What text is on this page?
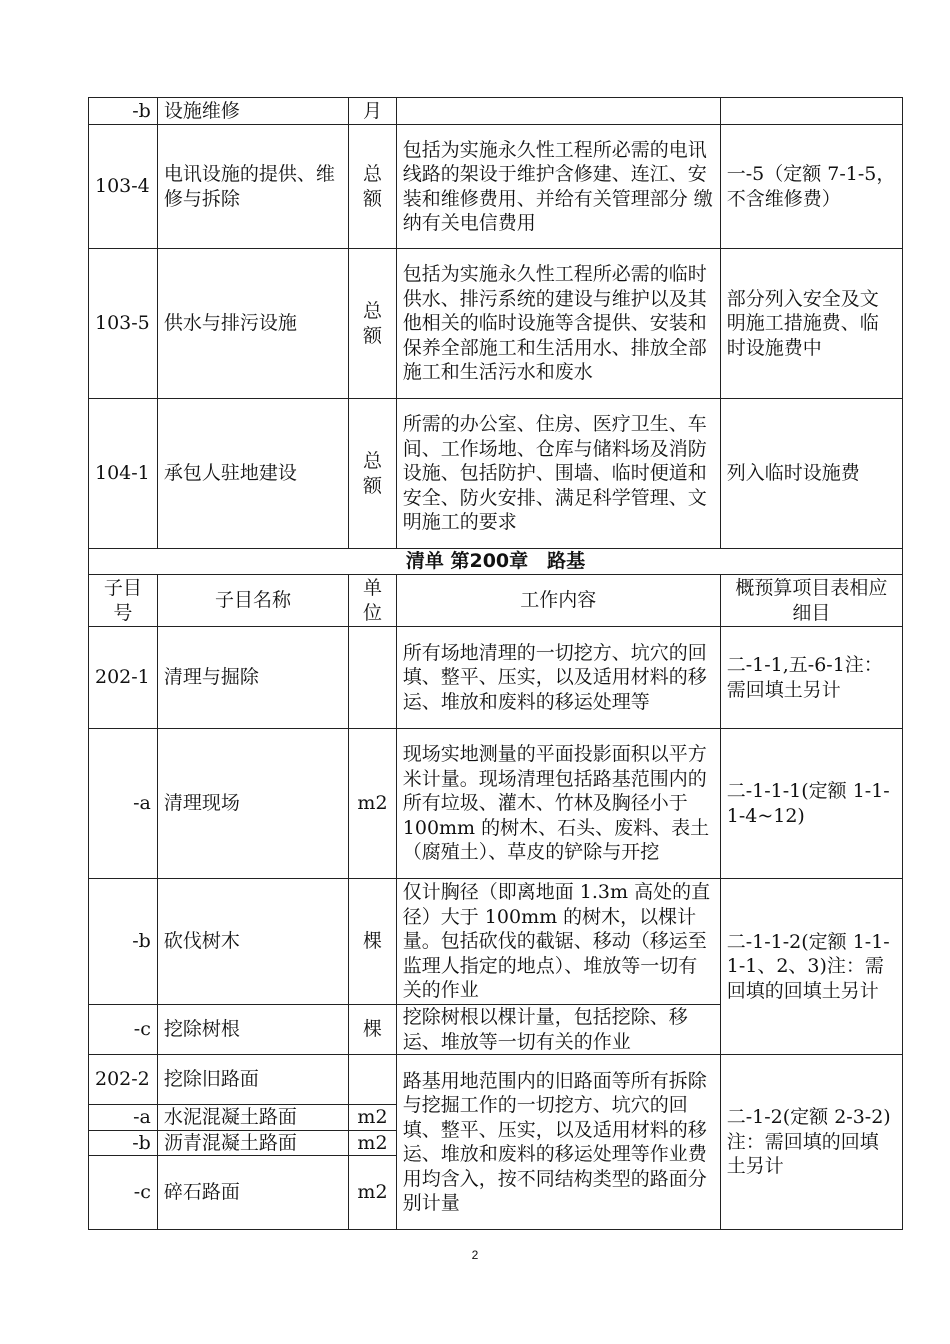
-b	设施维修	月		
103-4	电讯设施的提供、维修与拆除	总额	包括为实施永久性工程所必需的电讯线路的架设于维护含修建、连江、安装和维修费用、并给有关管理部分 缴纳有关电信费用	一-5（定额 7-1-5，不含维修费）
103-5	供水与排污设施	总额	包括为实施永久性工程所必需的临时供水、排污系统的建设与维护以及其他相关的临时设施等含提供、安装和保养全部施工和生活用水、排放全部施工和生活污水和废水	部分列入安全及文明施工措施费、临时设施费中
104-1	承包人驻地建设	总额	所需的办公室、住房、医疗卫生、车间、工作场地、仓库与储料场及消防设施、包括防护、围墙、临时便道和安全、防火安排、满足科学管理、文明施工的要求	列入临时设施费
清单 第200章　路基				
子目号	子目名称	单位	工作内容	概预算项目表相应细目
202-1	清理与掘除		所有场地清理的一切挖方、坑穴的回填、整平、压实，以及适用材料的移运、堆放和废料的移运处理等	二-1-1,五-6-1注：需回填土另计
-a	清理现场	m2	现场实地测量的平面投影面积以平方米计量。现场清理包括路基范围内的所有垃圾、灌木、竹林及胸径小于 100mm 的树木、石头、废料、表土（腐殖土）、草皮的铲除与开挖	二-1-1-1(定额 1-1-1-4~12)
-b	砍伐树木	棵	仅计胸径（即离地面 1.3m 高处的直径）大于 100mm 的树木，以棵计量。包括砍伐的截锯、移动（移运至监理人指定的地点）、堆放等一切有关的作业	二-1-1-2(定额 1-1-1-1、2、3)注：需回填的回填土另计
-c	挖除树根	棵	挖除树根以棵计量，包括挖除、移运、堆放等一切有关的作业	
202-2	挖除旧路面		路基用地范围内的旧路面等所有拆除与挖掘工作的一切挖方、坑穴的回填、整平、压实，以及适用材料的移运、堆放和废料的移运处理等作业费用均含入，按不同结构类型的路面分别计量	二-1-2(定额 2-3-2)注：需回填的回填土另计
-a	水泥混凝土路面	m2		
-b	沥青混凝土路面	m2		
-c	碎石路面	m2		
2
